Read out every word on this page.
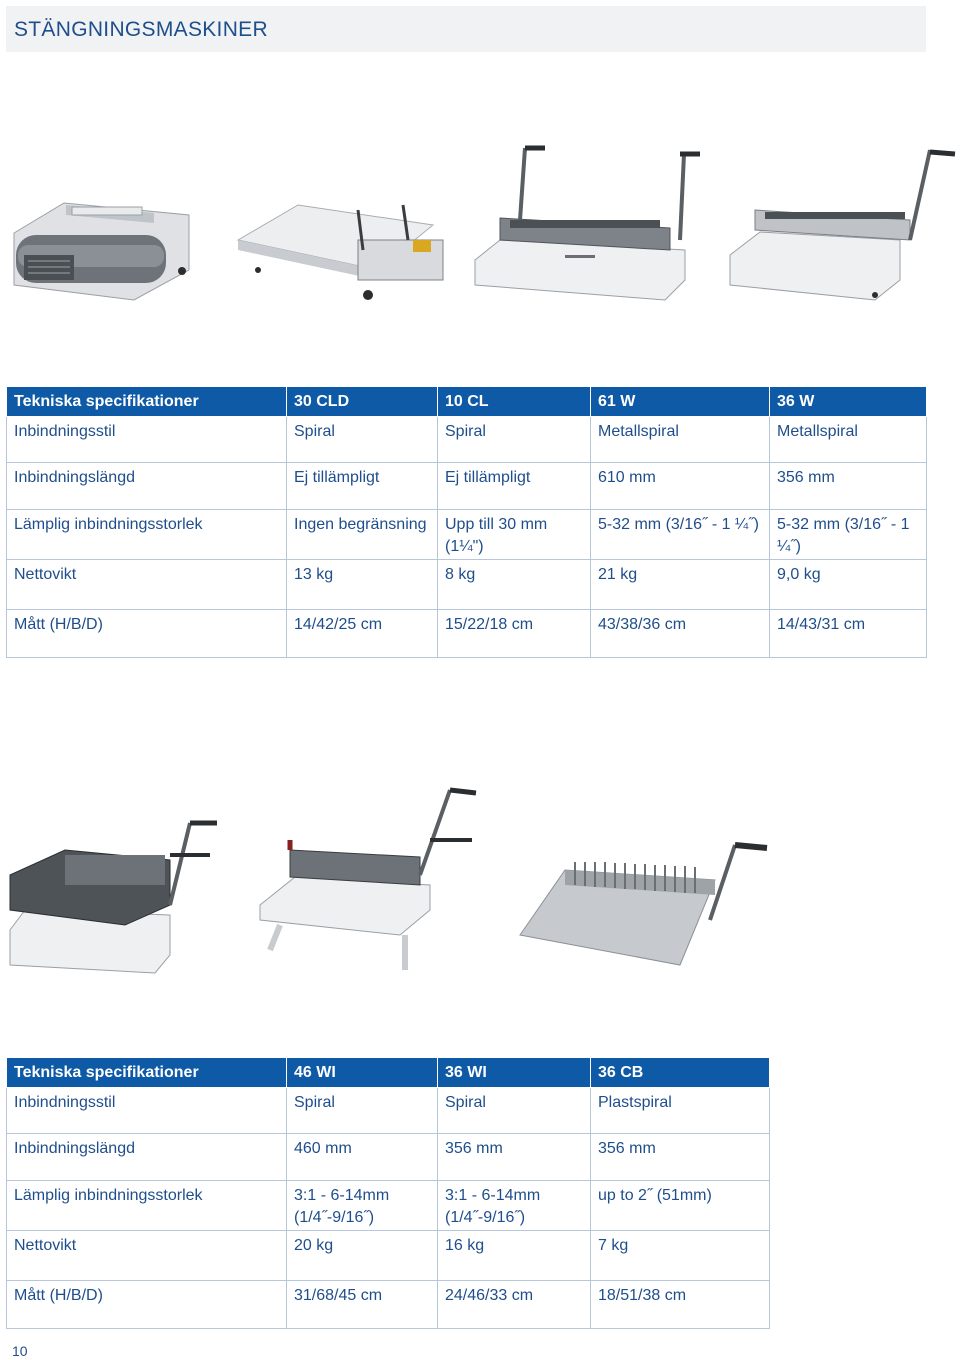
STÄNGNINGSMASKINER
Tekniska specifikationer	30 CLD	10 CL	61 W	36 W
Inbindningsstil	Spiral	Spiral	Metallspiral	Metallspiral
Inbindningslängd	Ej tillämpligt	Ej tillämpligt	610 mm	356 mm
Lämplig inbindningsstorlek	Ingen begränsning	Upp till 30 mm (1¼")	5-32 mm (3/16˝ - 1 ¼˝)	5-32 mm (3/16˝ - 1 ¼˝)
Nettovikt	13 kg	8 kg	21 kg	9,0 kg
Mått (H/B/D)	14/42/25 cm	15/22/18 cm	43/38/36 cm	14/43/31 cm
Tekniska specifikationer	46 WI	36 WI	36 CB
Inbindningsstil	Spiral	Spiral	Plastspiral
Inbindningslängd	460 mm	356 mm	356 mm
Lämplig inbindningsstorlek	3:1 - 6-14mm (1/4˝-9/16˝)	3:1 - 6-14mm (1/4˝-9/16˝)	up to 2˝ (51mm)
Nettovikt	20 kg	16 kg	7 kg
Mått (H/B/D)	31/68/45 cm	24/46/33 cm	18/51/38 cm
10
